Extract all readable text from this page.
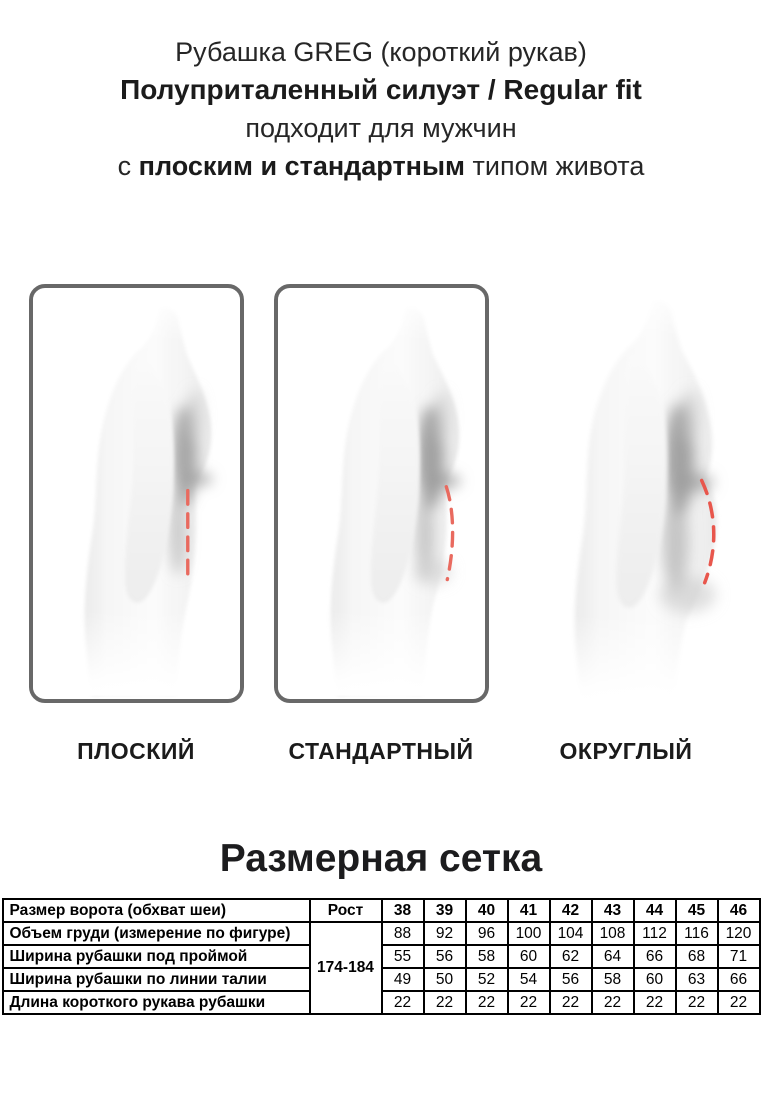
Рубашка GREG (короткий рукав)
Полуприталенный силуэт / Regular fit
подходит для мужчин
с плоским и стандартным типом живота
ПЛОСКИЙ	СТАНДАРТНЫЙ	ОКРУГЛЫЙ
Размерная сетка
Размер ворота (обхват шеи)	Рост	38	39	40	41	42	43	44	45	46
Объем груди (измерение по фигуре)	174-184	88	92	96	100	104	108	112	116	120
Ширина рубашки под проймой		55	56	58	60	62	64	66	68	71
Ширина рубашки по линии талии		49	50	52	54	56	58	60	63	66
Длина короткого рукава рубашки		22	22	22	22	22	22	22	22	22
